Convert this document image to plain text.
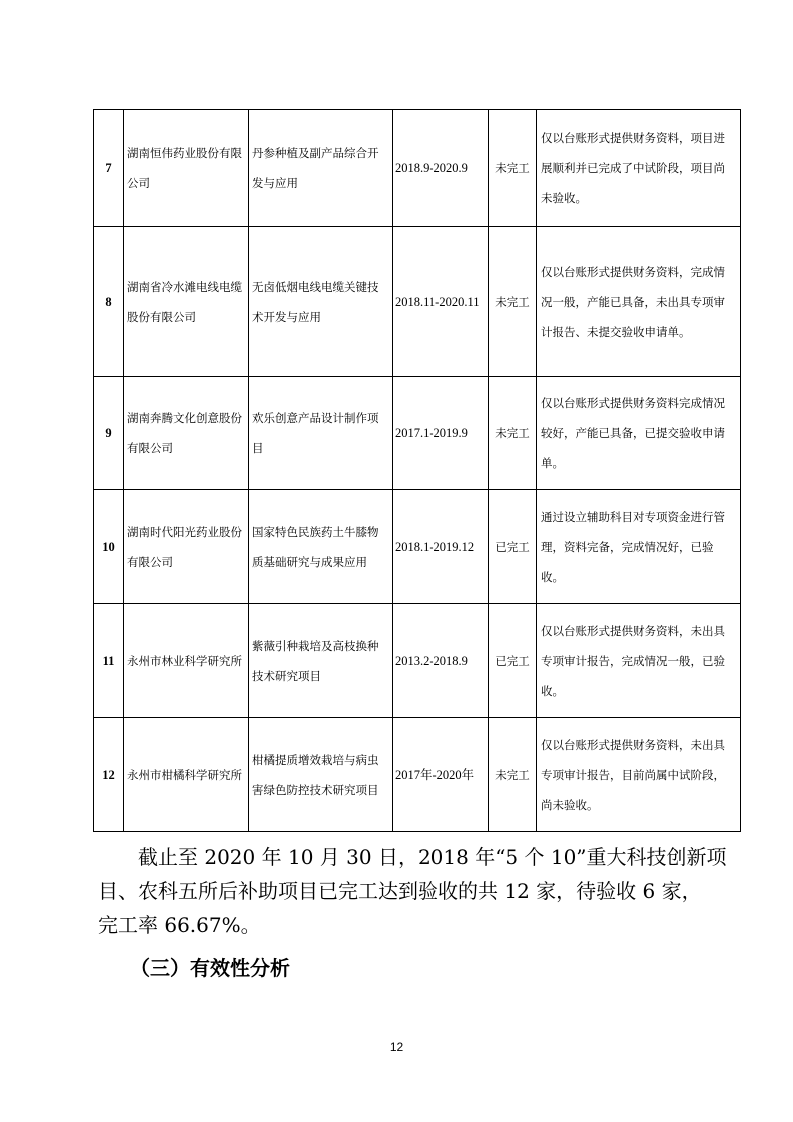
7	湖南恒伟药业股份有限公司	丹参种植及副产品综合开发与应用	2018.9-2020.9	未完工	仅以台账形式提供财务资料，项目进展顺利并已完成了中试阶段，项目尚未验收。
8	湖南省冷水滩电线电缆股份有限公司	无卤低烟电线电缆关键技术开发与应用	2018.11-2020.11	未完工	仅以台账形式提供财务资料，完成情况一般，产能已具备，未出具专项审计报告、未提交验收申请单。
9	湖南奔腾文化创意股份有限公司	欢乐创意产品设计制作项目	2017.1-2019.9	未完工	仅以台账形式提供财务资料完成情况较好，产能已具备，已提交验收申请单。
10	湖南时代阳光药业股份有限公司	国家特色民族药土牛膝物质基础研究与成果应用	2018.1-2019.12	已完工	通过设立辅助科目对专项资金进行管理，资料完备，完成情况好，已验收。
11	永州市林业科学研究所	紫薇引种栽培及高枝换种技术研究项目	2013.2-2018.9	已完工	仅以台账形式提供财务资料，未出具专项审计报告，完成情况一般，已验收。
12	永州市柑橘科学研究所	柑橘提质增效栽培与病虫害绿色防控技术研究项目	2017年-2020年	未完工	仅以台账形式提供财务资料，未出具专项审计报告，目前尚属中试阶段，尚未验收。
截止至 2020 年 10 月 30 日，2018 年“5 个 10”重大科技创新项
目、农科五所后补助项目已完工达到验收的共 12 家，待验收 6 家，
完工率 66.67%。
（三）有效性分析
12
